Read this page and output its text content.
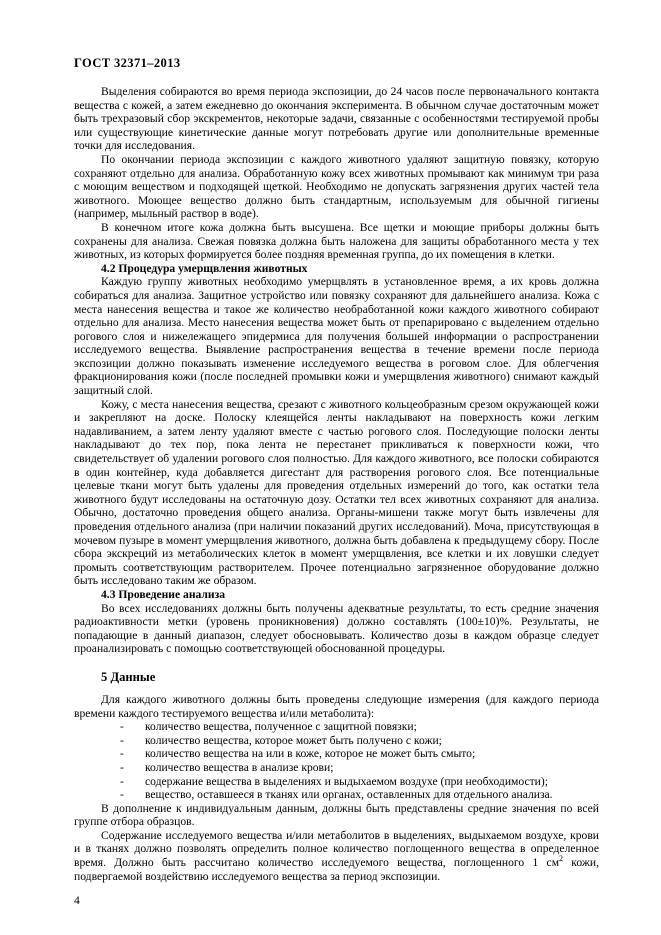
ГОСТ 32371–2013

Выделения собираются во время периода экспозиции, до 24 часов после первоначального контакта вещества с кожей, а затем ежедневно до окончания эксперимента. В обычном случае достаточным может быть трехразовый сбор экскрементов, некоторые задачи, связанные с особенностями тестируемой пробы или существующие кинетические данные могут потребовать другие или дополнительные временные точки для исследования.

По окончании периода экспозиции с каждого животного удаляют защитную повязку, которую сохраняют отдельно для анализа. Обработанную кожу всех животных промывают как минимум три раза с моющим веществом и подходящей щеткой. Необходимо не допускать загрязнения других частей тела животного. Моющее вещество должно быть стандартным, используемым для обычной гигиены (например, мыльный раствор в воде).

В конечном итоге кожа должна быть высушена. Все щетки и моющие приборы должны быть сохранены для анализа. Свежая повязка должна быть наложена для защиты обработанного места у тех животных, из которых формируется более поздняя временная группа, до их помещения в клетки.

4.2 Процедура умерщвления животных

Каждую группу животных необходимо умерщвлять в установленное время, а их кровь должна собираться для анализа. Защитное устройство или повязку сохраняют для дальнейшего анализа. Кожа с места нанесения вещества и такое же количество необработанной кожи каждого животного собирают отдельно для анализа. Место нанесения вещества может быть от препарировано с выделением отдельно рогового слоя и нижележащего эпидермиса для получения большей информации о распространении исследуемого вещества. Выявление распространения вещества в течение времени после периода экспозиции должно показывать изменение исследуемого вещества в роговом слое. Для облегчения фракционирования кожи (после последней промывки кожи и умерщвления животного) снимают каждый защитный слой.

Кожу, с места нанесения вещества, срезают с животного кольцеобразным срезом окружающей кожи и закрепляют на доске. Полоску клеящейся ленты накладывают на поверхность кожи легким надавливанием, а затем ленту удаляют вместе с частью рогового слоя. Последующие полоски ленты накладывают до тех пор, пока лента не перестанет прикливаться к поверхности кожи, что свидетельствует об удалении рогового слоя полностью. Для каждого животного, все полоски собираются в один контейнер, куда добавляется дигестант для растворения рогового слоя. Все потенциальные целевые ткани могут быть удалены для проведения отдельных измерений до того, как остатки тела животного будут исследованы на остаточную дозу. Остатки тел всех животных сохраняют для анализа. Обычно, достаточно проведения общего анализа. Органы-мишени также могут быть извлечены для проведения отдельного анализа (при наличии показаний других исследований). Моча, присутствующая в мочевом пузыре в момент умерщвления животного, должна быть добавлена к предыдущему сбору. После сбора экскреций из метаболических клеток в момент умерщвления, все клетки и их ловушки следует промыть соответствующим растворителем. Прочее потенциально загрязненное оборудование должно быть исследовано таким же образом.

4.3 Проведение анализа

Во всех исследованиях должны быть получены адекватные результаты, то есть средние значения радиоактивности метки (уровень проникновения) должно составлять (100±10)%. Результаты, не попадающие в данный диапазон, следует обосновывать. Количество дозы в каждом образце следует проанализировать с помощью соответствующей обоснованной процедуры.

5 Данные

Для каждого животного должны быть проведены следующие измерения (для каждого периода времени каждого тестируемого вещества и/или метаболита):

- количество вещества, полученное с защитной повязки;
- количество вещества, которое может быть получено с кожи;
- количество вещества на или в коже, которое не может быть смыто;
- количество вещества в анализе крови;
- содержание вещества в выделениях и выдыхаемом воздухе (при необходимости);
- вещество, оставшееся в тканях или органах, оставленных для отдельного анализа.

В дополнение к индивидуальным данным, должны быть представлены средние значения по всей группе отбора образцов.

Содержание исследуемого вещества и/или метаболитов в выделениях, выдыхаемом воздухе, крови и в тканях должно позволять определить полное количество поглощенного вещества в определенное время. Должно быть рассчитано количество исследуемого вещества, поглощенного 1 $см^2$ кожи, подвергаемой воздействию исследуемого вещества за период экспозиции.

4
